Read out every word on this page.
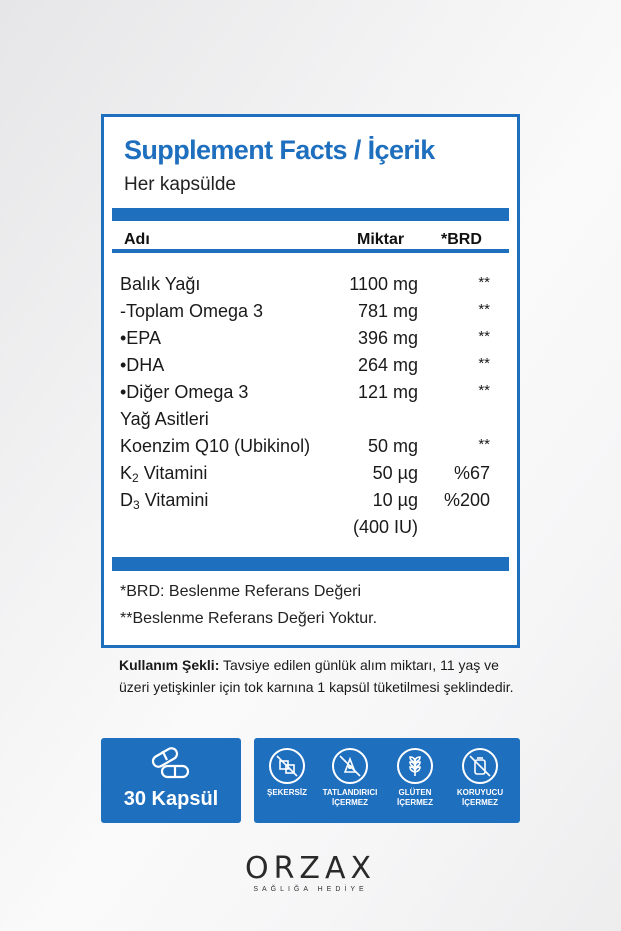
Supplement Facts / İçerik
Her kapsülde
Adı	Miktar *BRD
Balık Yağı	1100 mg	**
-Toplam Omega 3	781 mg	**
•EPA	396 mg	**
•DHA	264 mg	**
•Diğer Omega 3	121 mg	**
Yağ Asitleri
Koenzim Q10 (Ubikinol)	50 mg	**
$K_2$ Vitamini	50 µg %67
$D_3$ Vitamini	10 µg %200
(400 IU)
*BRD: Beslenme Referans Değeri
**Beslenme Referans Değeri Yoktur.
Kullanım Şekli: Tavsiye edilen günlük alım miktarı, 11 yaş ve üzeri yetişkinler için tok karnına 1 kapsül tüketilmesi şeklindedir.
30 Kapsül	ŞEKERSİZ	TATLANDIRICI
İÇERMEZ
GLÜTEN
İÇERMEZ
KORUYUCU
İÇERMEZ
ORZAX
SAĞLIĞA HEDİYE
